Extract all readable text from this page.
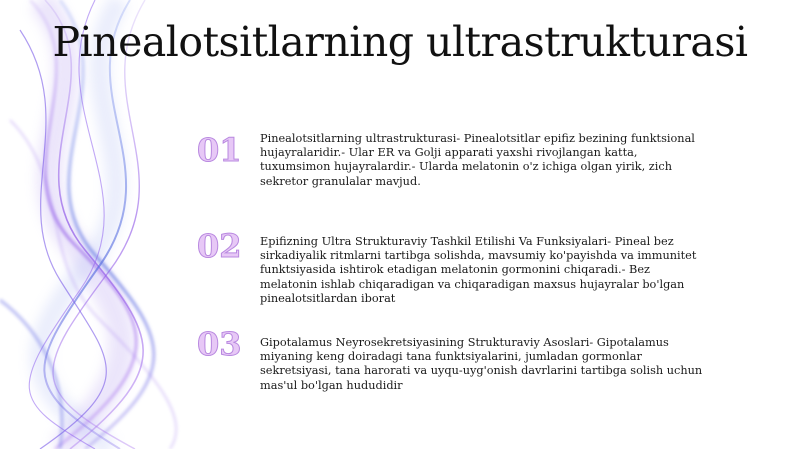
Pinealotsitlarning ultrastrukturasi
01	Pinealotsitlarning ultrastrukturasi- Pinealotsitlar epifiz bezining funktsional hujayralaridir.- Ular ER va Golji apparati yaxshi rivojlangan katta, tuxumsimon hujayralardir.- Ularda melatonin o'z ichiga olgan yirik, zich sekretor granulalar mavjud.
02	Epifizning Ultra Strukturaviy Tashkil Etilishi Va Funksiyalari- Pineal bez sirkadiyalik ritmlarni tartibga solishda, mavsumiy ko'payishda va immunitet funktsiyasida ishtirok etadigan melatonin gormonini chiqaradi.- Bez melatonin ishlab chiqaradigan va chiqaradigan maxsus hujayralar bo'lgan pinealotsitlardan iborat
03	Gipotalamus Neyrosekretsiyasining Strukturaviy Asoslari- Gipotalamus miyaning keng doiradagi tana funktsiyalarini, jumladan gormonlar sekretsiyasi, tana harorati va uyqu-uyg'onish davrlarini tartibga solish uchun mas'ul bo'lgan hududidir
